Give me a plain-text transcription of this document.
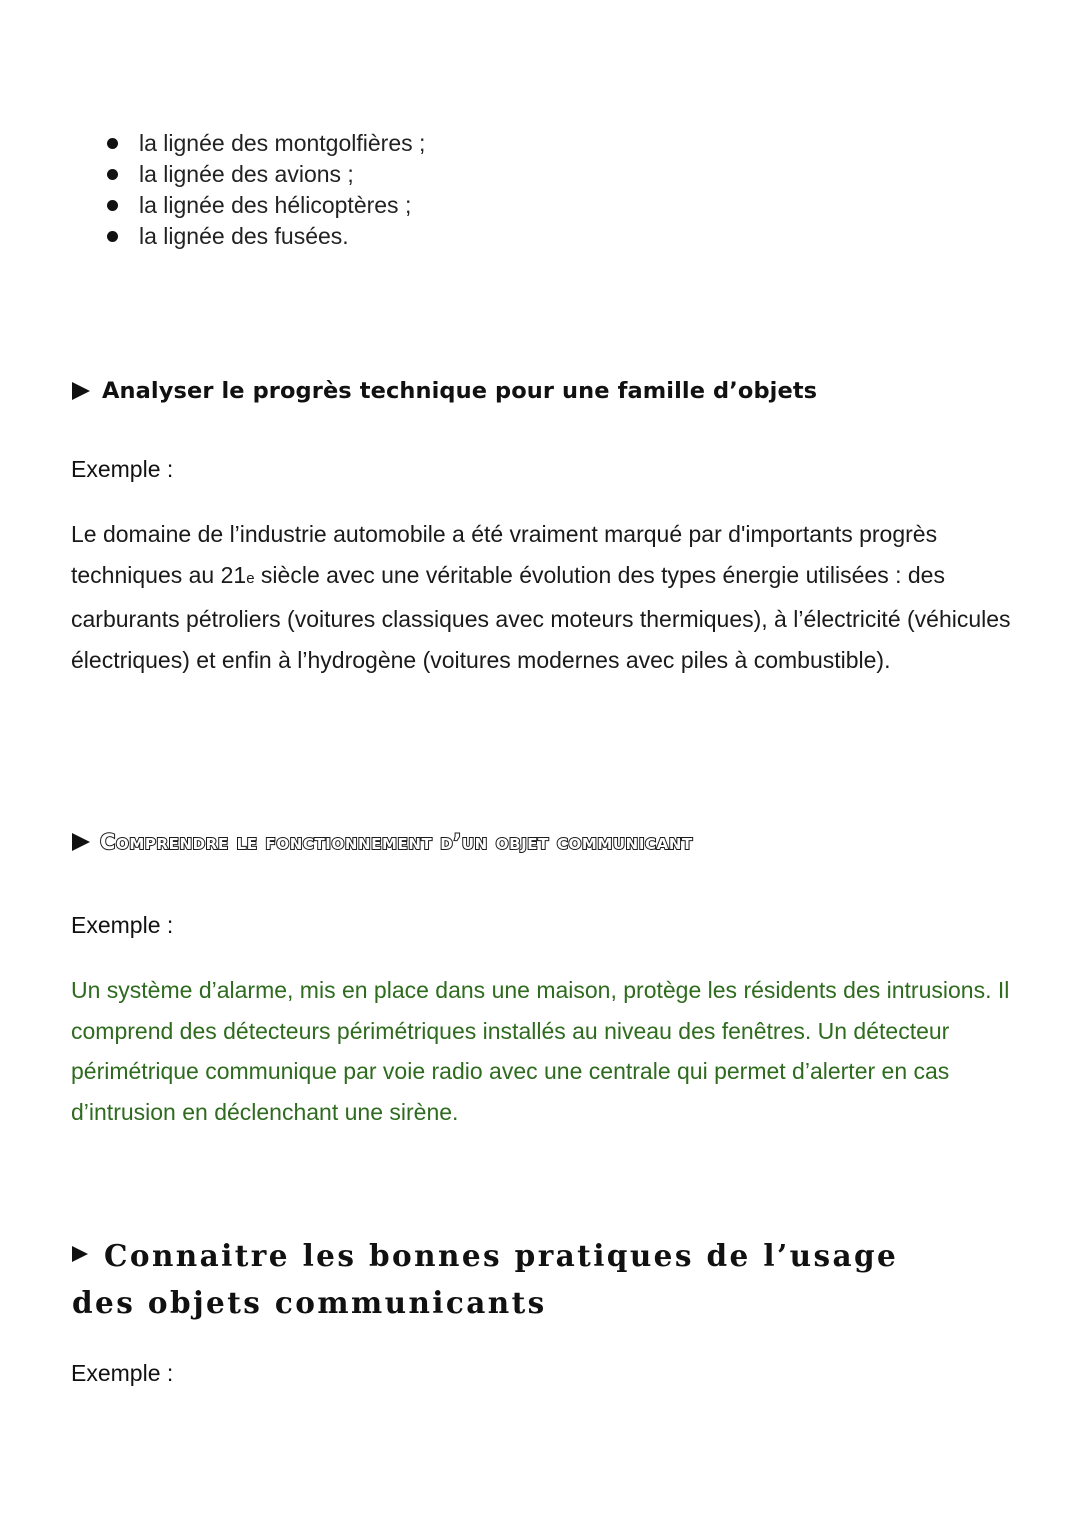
la lignée des montgolfières ;
la lignée des avions ;
la lignée des hélicoptères ;
la lignée des fusées.
Analyser le progrès technique pour une famille d’objets
Exemple :

Le domaine de l’industrie automobile a été vraiment marqué par d'importants progrès techniques au 21e siècle avec une véritable évolution des types énergie utilisées : des carburants pétroliers (voitures classiques avec moteurs thermiques), à l’électricité (véhicules électriques) et enfin à l’hydrogène (voitures modernes avec piles à combustible).

Comprendre le fonctionnement d’un objet communicant
Exemple :

Un système d’alarme, mis en place dans une maison, protège les résidents des intrusions. Il comprend des détecteurs périmétriques installés au niveau des fenêtres. Un détecteur périmétrique communique par voie radio avec une centrale qui permet d’alerter en cas d’intrusion en déclenchant une sirène.

Connaitre les bonnes pratiques de l’usage des objets communicants
Exemple :
